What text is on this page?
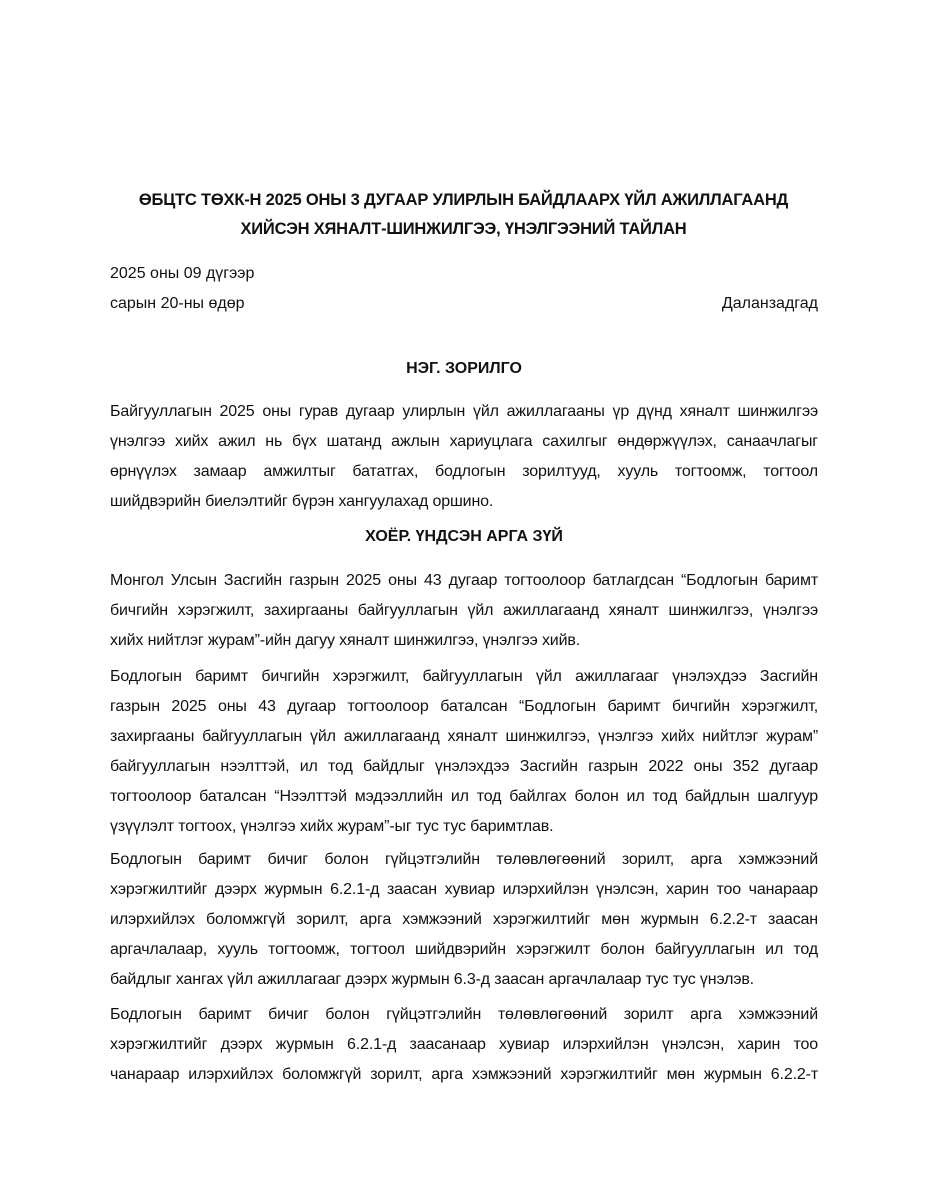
ӨБЦТС ТӨХК-Н 2025 ОНЫ 3 ДУГААР УЛИРЛЫН БАЙДЛААРХ ҮЙЛ АЖИЛЛАГААНД
ХИЙСЭН ХЯНАЛТ-ШИНЖИЛГЭЭ, ҮНЭЛГЭЭНИЙ ТАЙЛАН
2025 оны 09 дүгээр
сарын 20-ны өдөр	Даланзадгад
НЭГ. ЗОРИЛГО
Байгууллагын 2025 оны гурав дугаар улирлын үйл ажиллагааны үр дүнд хяналт шинжилгээ
үнэлгээ хийх ажил нь бүх шатанд ажлын хариуцлага сахилгыг өндөржүүлэх, санаачлагыг
өрнүүлэх замаар амжилтыг бататгах, бодлогын зорилтууд, хууль тогтоомж, тогтоол
шийдвэрийн биелэлтийг бүрэн хангуулахад оршино.
ХОЁР. ҮНДСЭН АРГА ЗҮЙ
Монгол Улсын Засгийн газрын 2025 оны 43 дугаар тогтоолоор батлагдсан “Бодлогын баримт
бичгийн хэрэгжилт, захиргааны байгууллагын үйл ажиллагаанд хяналт шинжилгээ, үнэлгээ
хийх нийтлэг журам”-ийн дагуу хяналт шинжилгээ, үнэлгээ хийв.
Бодлогын баримт бичгийн хэрэгжилт, байгууллагын үйл ажиллагааг үнэлэхдээ Засгийн
газрын 2025 оны 43 дугаар тогтоолоор баталсан “Бодлогын баримт бичгийн хэрэгжилт,
захиргааны байгууллагын үйл ажиллагаанд хяналт шинжилгээ, үнэлгээ хийх нийтлэг журам”
байгууллагын нээлттэй, ил тод байдлыг үнэлэхдээ Засгийн газрын 2022 оны 352 дугаар
тогтоолоор баталсан “Нээлттэй мэдээллийн ил тод байлгах болон ил тод байдлын шалгуур
үзүүлэлт тогтоох, үнэлгээ хийх журам”-ыг тус тус баримтлав.
Бодлогын баримт бичиг болон гүйцэтгэлийн төлөвлөгөөний зорилт, арга хэмжээний
хэрэгжилтийг дээрх журмын 6.2.1-д заасан хувиар илэрхийлэн үнэлсэн, харин тоо чанараар
илэрхийлэх боломжгүй зорилт, арга хэмжээний хэрэгжилтийг мөн журмын 6.2.2-т заасан
аргачлалаар, хууль тогтоомж, тогтоол шийдвэрийн хэрэгжилт болон байгууллагын ил тод
байдлыг хангах үйл ажиллагааг дээрх журмын 6.3-д заасан аргачлалаар тус тус үнэлэв.
Бодлогын баримт бичиг болон гүйцэтгэлийн төлөвлөгөөний зорилт арга хэмжээний
хэрэгжилтийг дээрх журмын 6.2.1-д заасанаар хувиар илэрхийлэн үнэлсэн, харин тоо
чанараар илэрхийлэх боломжгүй зорилт, арга хэмжээний хэрэгжилтийг мөн журмын 6.2.2-т
